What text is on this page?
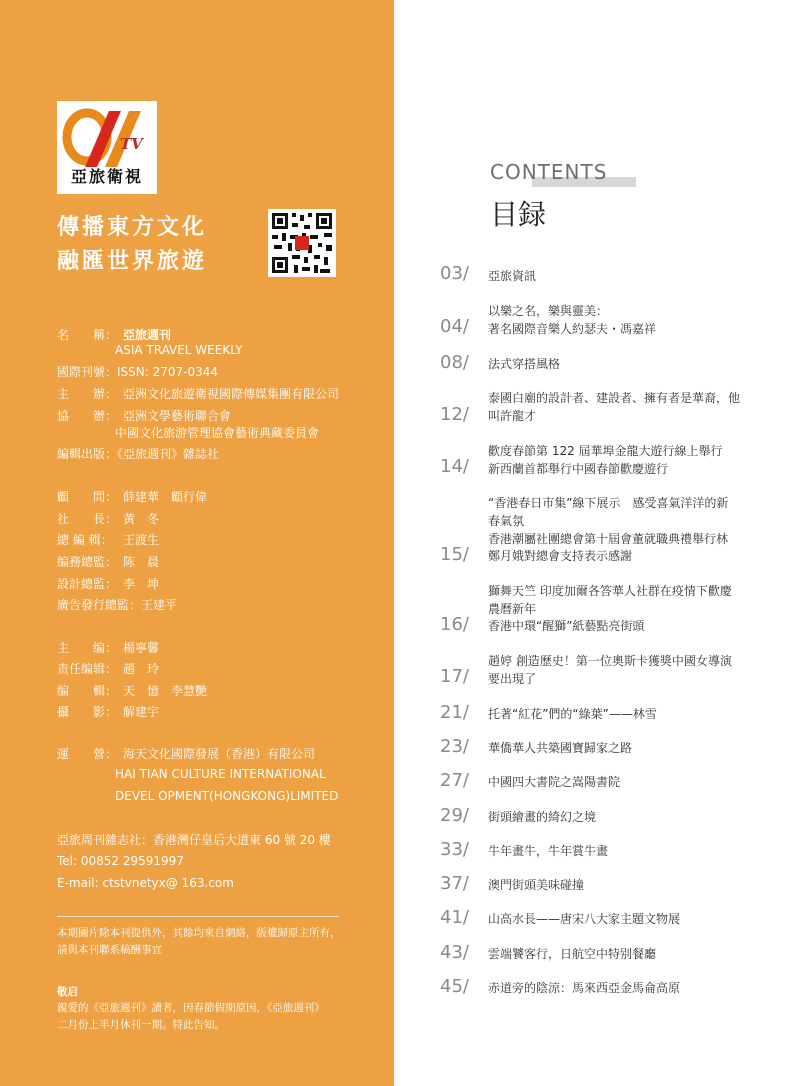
TV
亞旅衛視
傳播東方文化
融匯世界旅遊
名　　稱： 亞旅週刊
ASIA TRAVEL WEEKLY
國際刊號：ISSN: 2707-0344
主　　辦： 亞洲文化旅遊衛視國際傳媒集團有限公司
協　　辦： 亞洲文學藝術聯合會
中國文化旅游管理協會藝術典藏委員會
編輯出版：《亞旅週刊》雜誌社
顧　　問： 薛建華　顧行偉
社　　長： 黃　冬
總 編 輯： 王渡生
编務總監： 陈　晨
設計總監： 李　坤
廣告發行總監：王建平
主　　编： 楊寧馨
责任编辑： 趙　玲
编　　輯： 天　憶　李慧艷
攝　　影： 解建宇
運　　營： 海天文化國際發展（香港）有限公司
HAI TIAN CULTURE INTERNATIONAL
DEVEL OPMENT(HONGKONG)LIMITED
亞旅周刊雜志社：香港灣仔皇后大道東 60 號 20 樓
Tel: 00852 29591997
E-mail: ctstvnetyx@ 163.com
本期圖片除本刊提供外，其餘均來自網絡，版權歸原主所有，
請與本刊聯系稿酬事宜
敬启
親愛的《亞旅週刊》讀者，因春節假期原因，《亞旅週刊》
二月份上半月休刊一期。特此告知。
CONTENTS
目録
03/ 亞旅資訊
04/
以樂之名，樂與靈美：
著名國際音樂人約瑟夫・馮嘉祥
08/ 法式穿搭風格
12/
泰國白廟的設計者、建設者、擁有者是華裔，他
叫許龍才
14/
歡度春節第 122 屆華埠金龍大遊行線上舉行
新西蘭首都舉行中國春節歡慶遊行
15/
“香港春日市集”線下展示　感受喜氣洋洋的新
春氣氛
香港潮屬社團總會第十屆會董就職典禮舉行林
鄭月娥對總會支持表示感謝
16/
獅舞天竺 印度加爾各答華人社群在疫情下歡慶
農曆新年
香港中環“醒獅”紙藝點亮街頭
17/
趙婷 創造歷史！第一位奧斯卡獲獎中國女導演
要出現了
21/ 托著“紅花”們的“綠葉”——林雪
23/ 華僑華人共築國寶歸家之路
27/ 中國四大書院之嵩陽書院
29/ 街頭繪畫的綺幻之境
33/ 牛年畫牛，牛年賞牛畫
37/ 澳門街頭美味碰撞
41/ 山高水長——唐宋八大家主題文物展
43/ 雲端饕客行，日航空中特别餐廳
45/ 赤道旁的陰涼：馬來西亞金馬侖高原
